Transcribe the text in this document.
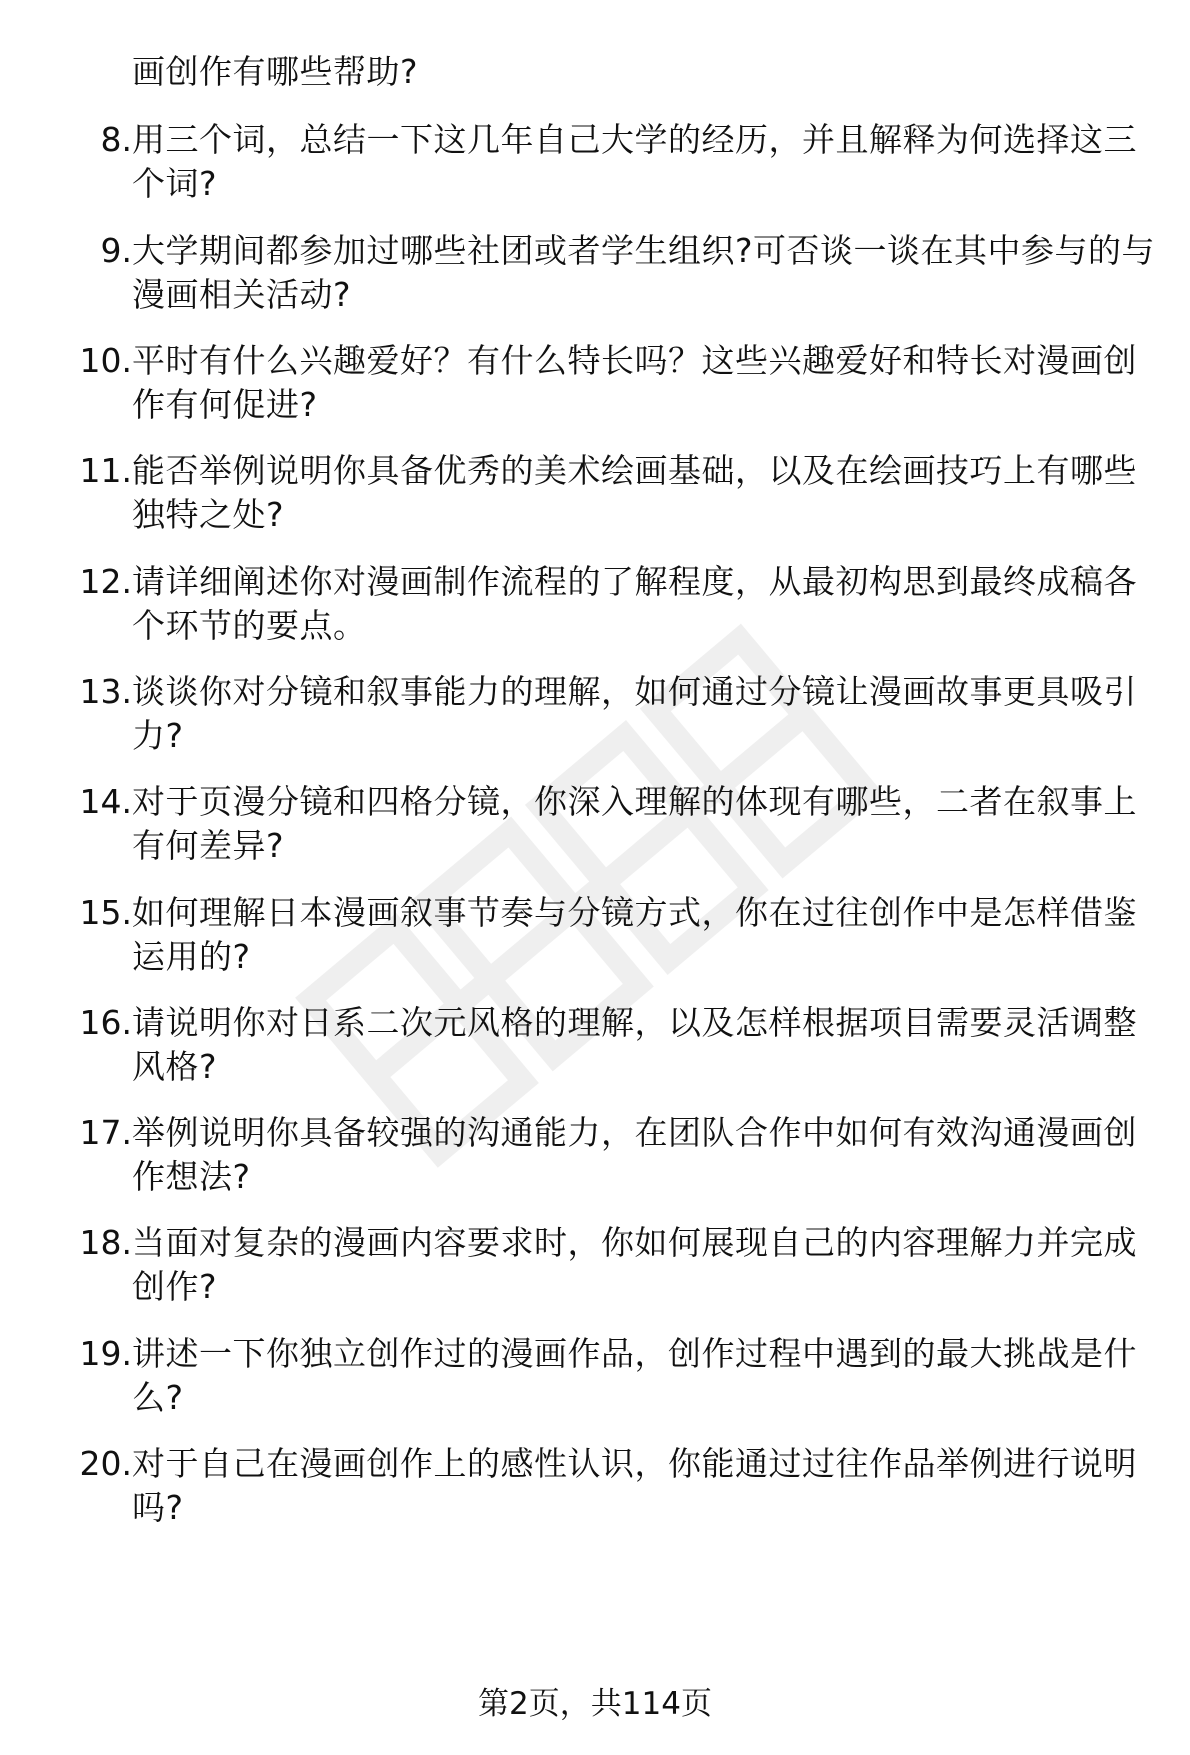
画创作有哪些帮助?
8. 用三个词，总结一下这几年自己大学的经历，并且解释为何选择这三个词?
9. 大学期间都参加过哪些社团或者学生组织?可否谈一谈在其中参与的与漫画相关活动?
10. 平时有什么兴趣爱好？有什么特长吗？这些兴趣爱好和特长对漫画创作有何促进?
11. 能否举例说明你具备优秀的美术绘画基础，以及在绘画技巧上有哪些独特之处?
12. 请详细阐述你对漫画制作流程的了解程度，从最初构思到最终成稿各个环节的要点。
13. 谈谈你对分镜和叙事能力的理解，如何通过分镜让漫画故事更具吸引力?
14. 对于页漫分镜和四格分镜，你深入理解的体现有哪些，二者在叙事上有何差异?
15. 如何理解日本漫画叙事节奏与分镜方式，你在过往创作中是怎样借鉴运用的?
16. 请说明你对日系二次元风格的理解，以及怎样根据项目需要灵活调整风格?
17. 举例说明你具备较强的沟通能力，在团队合作中如何有效沟通漫画创作想法?
18. 当面对复杂的漫画内容要求时，你如何展现自己的内容理解力并完成创作?
19. 讲述一下你独立创作过的漫画作品，创作过程中遇到的最大挑战是什么?
20. 对于自己在漫画创作上的感性认识，你能通过过往作品举例进行说明吗?
第2页，共114页
